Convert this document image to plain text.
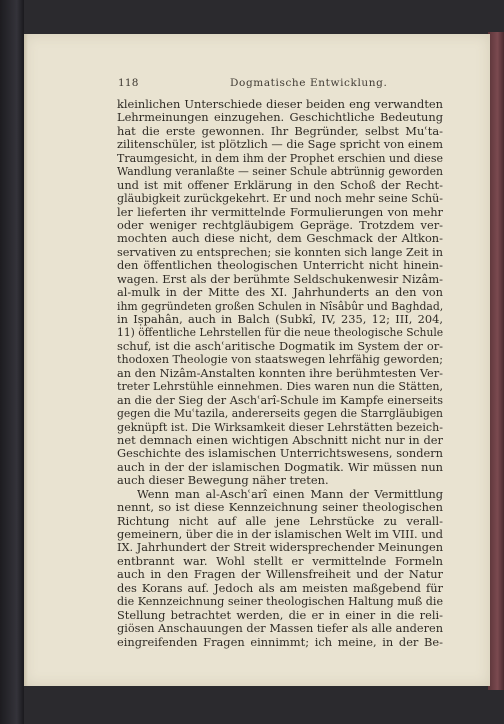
118	Dogmatische Entwicklung.
kleinlichen Unterschiede dieser beiden eng verwandten
Lehrmeinungen einzugehen. Geschichtliche Bedeutung
hat die erste gewonnen. Ihr Begründer, selbst Muʿta-
zilitenschüler, ist plötzlich — die Sage spricht von einem
Traumgesicht, in dem ihm der Prophet erschien und diese
Wandlung veranlaßte — seiner Schule abtrünnig geworden
und ist mit offener Erklärung in den Schoß der Recht-
gläubigkeit zurückgekehrt. Er und noch mehr seine Schü-
ler lieferten ihr vermittelnde Formulierungen von mehr
oder weniger rechtgläubigem Gepräge. Trotzdem ver-
mochten auch diese nicht, dem Geschmack der Altkon-
servativen zu entsprechen; sie konnten sich lange Zeit in
den öffentlichen theologischen Unterricht nicht hinein-
wagen. Erst als der berühmte Seldschukenwesir Nizâm-
al-mulk in der Mitte des XI. Jahrhunderts an den von
ihm gegründeten großen Schulen in Nîsâbûr und Baghdad,
in Iṣpahân, auch in Balch (Subkî, IV, 235, 12; III, 204,
11) öffentliche Lehrstellen für die neue theologische Schule
schuf, ist die aschʿaritische Dogmatik im System der or-
thodoxen Theologie von staatswegen lehrfähig geworden;
an den Nizâm-Anstalten konnten ihre berühmtesten Ver-
treter Lehrstühle einnehmen. Dies waren nun die Stätten,
an die der Sieg der Aschʿarî-Schule im Kampfe einerseits
gegen die Muʿtazila, andererseits gegen die Starrgläubigen
geknüpft ist. Die Wirksamkeit dieser Lehrstätten bezeich-
net demnach einen wichtigen Abschnitt nicht nur in der
Geschichte des islamischen Unterrichtswesens, sondern
auch in der der islamischen Dogmatik. Wir müssen nun
auch dieser Bewegung näher treten.
Wenn man al-Aschʿarî einen Mann der Vermittlung
nennt, so ist diese Kennzeichnung seiner theologischen
Richtung nicht auf alle jene Lehrstücke zu verall-
gemeinern, über die in der islamischen Welt im VIII. und
IX. Jahrhundert der Streit widersprechender Meinungen
entbrannt war. Wohl stellt er vermittelnde Formeln
auch in den Fragen der Willensfreiheit und der Natur
des Korans auf. Jedoch als am meisten maßgebend für
die Kennzeichnung seiner theologischen Haltung muß die
Stellung betrachtet werden, die er in einer in die reli-
giösen Anschauungen der Massen tiefer als alle anderen
eingreifenden Fragen einnimmt; ich meine, in der Be-
